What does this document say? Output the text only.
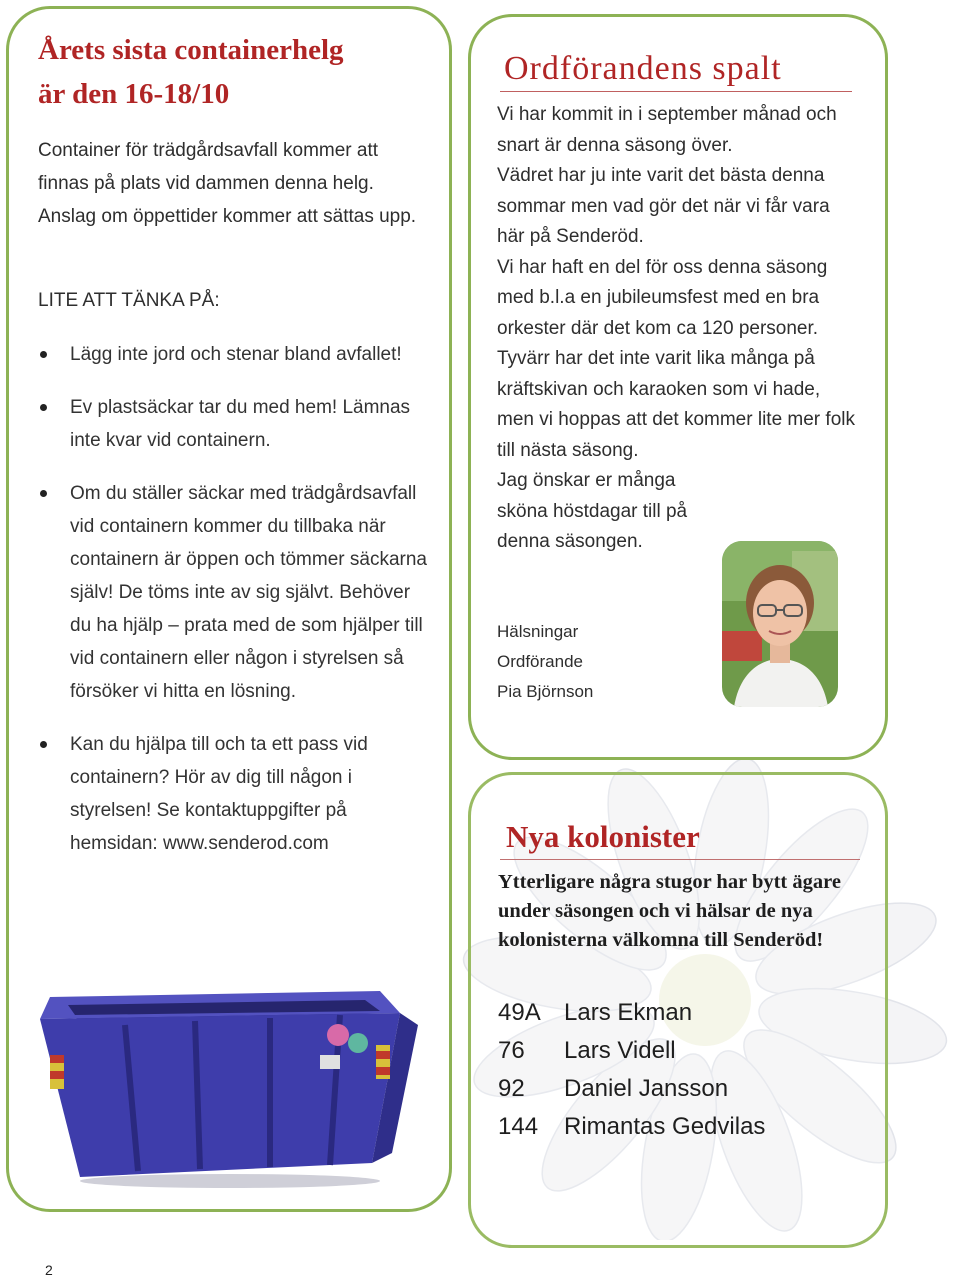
Årets sista containerhelg
är den 16-18/10
Container för trädgårdsavfall kommer att finnas på plats vid dammen denna helg. Anslag om öppettider kommer att sättas upp.
LITE ATT TÄNKA PÅ:
Lägg inte jord och stenar bland avfallet!
Ev plastsäckar tar du med hem! Lämnas inte kvar vid containern.
Om du ställer säckar med trädgårdsavfall vid containern kommer du tillbaka när containern är öppen och tömmer säckarna själv! De töms inte av sig självt. Behöver du ha hjälp – prata med de som hjälper till vid containern eller någon i styrelsen så försöker vi hitta en lösning.
Kan du hjälpa till och ta ett pass vid containern? Hör av dig till någon i styrelsen! Se kontaktuppgifter på hemsidan: www.senderod.com
Ordförandens spalt

Vi har kommit in i september månad och snart är denna säsong över.

Vädret har ju inte varit det bästa denna sommar men vad gör det när vi får vara här på Senderöd.

Vi har haft en del för oss denna säsong med b.l.a en jubileumsfest med en bra orkester där det kom ca 120 personer.

Tyvärr har det inte varit lika många på kräftskivan och karaoken som vi hade, men vi hoppas att det kommer lite mer folk till nästa säsong.

Jag önskar er många sköna höstdagar till på denna säsongen.

Hälsningar
Ordförande
Pia Björnson
Nya kolonister
Ytterligare några stugor har bytt ägare under säsongen och vi hälsar de nya kolonisterna välkomna till Senderöd!
49A Lars Ekman
76 Lars Videll
92 Daniel Jansson
144 Rimantas Gedvilas
2
